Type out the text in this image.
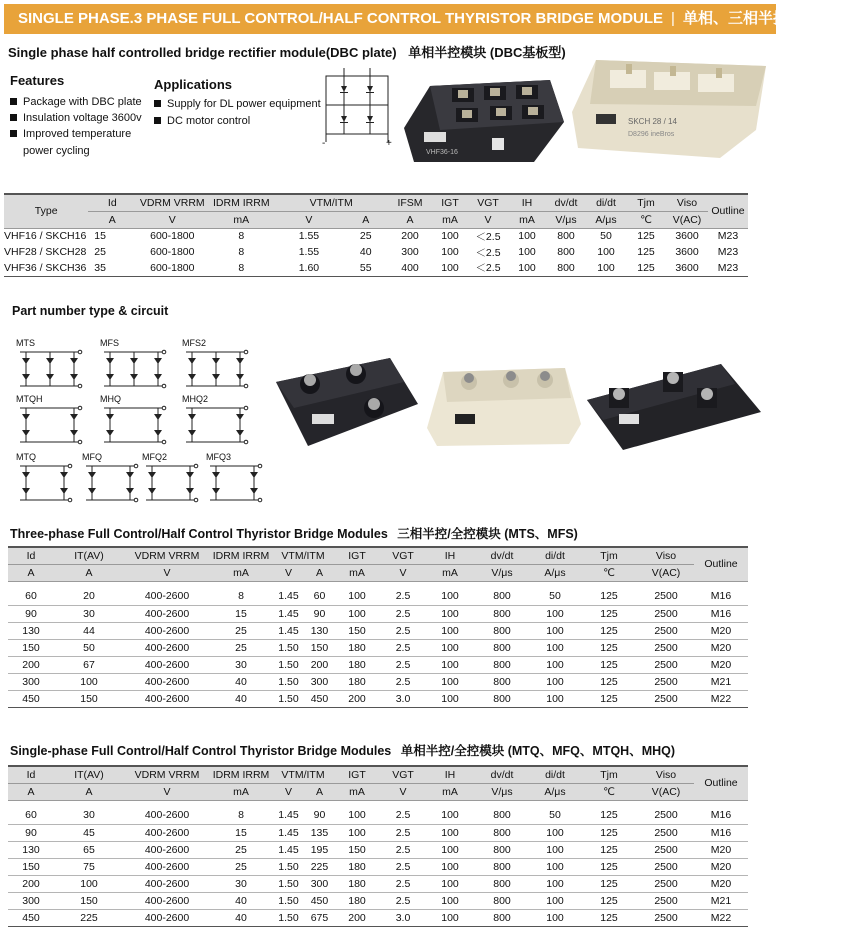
SINGLE PHASE.3 PHASE FULL CONTROL/HALF CONTROL THYRISTOR BRIDGE MODULE | 单相、三相半控/全控模块
Single phase half controlled bridge rectifier module(DBC plate) 单相半控模块 (DBC基板型)
Features
Package with DBC plate
Insulation voltage 3600v
Improved temperature
power cycling
Applications
Supply for DL power equipment
DC motor control
-	+
VHF36-16
SKCH 28 / 14
D8296 ineBros
Type	Id	VDRM VRRM	IDRM IRRM	VTM/ITM		IFSM	IGT	VGT	IH	dv/dt	di/dt	Tjm	Viso	Outline
	A	V	mA	V	A	A	mA	V	mA	V/μs	A/μs	℃	V(AC)	
VHF16 / SKCH16	15	600-1800	8	1.55	25	200	100	＜2.5	100	800	50	125	3600	M23
VHF28 / SKCH28	25	600-1800	8	1.55	40	300	100	＜2.5	100	800	100	125	3600	M23
VHF36 / SKCH36	35	600-1800	8	1.60	55	400	100	＜2.5	100	800	100	125	3600	M23
Part number type & circuit
MTS	MFS	MFS2
MTQH	MHQ	MHQ2
MTQ	MFQ	MFQ2	MFQ3
Three-phase Full Control/Half Control Thyristor Bridge Modules 三相半控/全控模块 (MTS、MFS)
Id	IT(AV)	VDRM VRRM	IDRM IRRM	VTM/ITM		IGT	VGT	IH	dv/dt	di/dt	Tjm	Viso	Outline
A	A	V	mA	V	A	mA	V	mA	V/μs	A/μs	℃	V(AC)	

60	20	400-2600	8	1.45	60	100	2.5	100	800	50	125	2500	M16
90	30	400-2600	15	1.45	90	100	2.5	100	800	100	125	2500	M16
130	44	400-2600	25	1.45	130	150	2.5	100	800	100	125	2500	M20
150	50	400-2600	25	1.50	150	180	2.5	100	800	100	125	2500	M20
200	67	400-2600	30	1.50	200	180	2.5	100	800	100	125	2500	M20
300	100	400-2600	40	1.50	300	180	2.5	100	800	100	125	2500	M21
450	150	400-2600	40	1.50	450	200	3.0	100	800	100	125	2500	M22
Single-phase Full Control/Half Control Thyristor Bridge Modules 单相半控/全控模块 (MTQ、MFQ、MTQH、MHQ)
Id	IT(AV)	VDRM VRRM	IDRM IRRM	VTM/ITM		IGT	VGT	IH	dv/dt	di/dt	Tjm	Viso	Outline
A	A	V	mA	V	A	mA	V	mA	V/μs	A/μs	℃	V(AC)	

60	30	400-2600	8	1.45	90	100	2.5	100	800	50	125	2500	M16
90	45	400-2600	15	1.45	135	100	2.5	100	800	100	125	2500	M16
130	65	400-2600	25	1.45	195	150	2.5	100	800	100	125	2500	M20
150	75	400-2600	25	1.50	225	180	2.5	100	800	100	125	2500	M20
200	100	400-2600	30	1.50	300	180	2.5	100	800	100	125	2500	M20
300	150	400-2600	40	1.50	450	180	2.5	100	800	100	125	2500	M21
450	225	400-2600	40	1.50	675	200	3.0	100	800	100	125	2500	M22
